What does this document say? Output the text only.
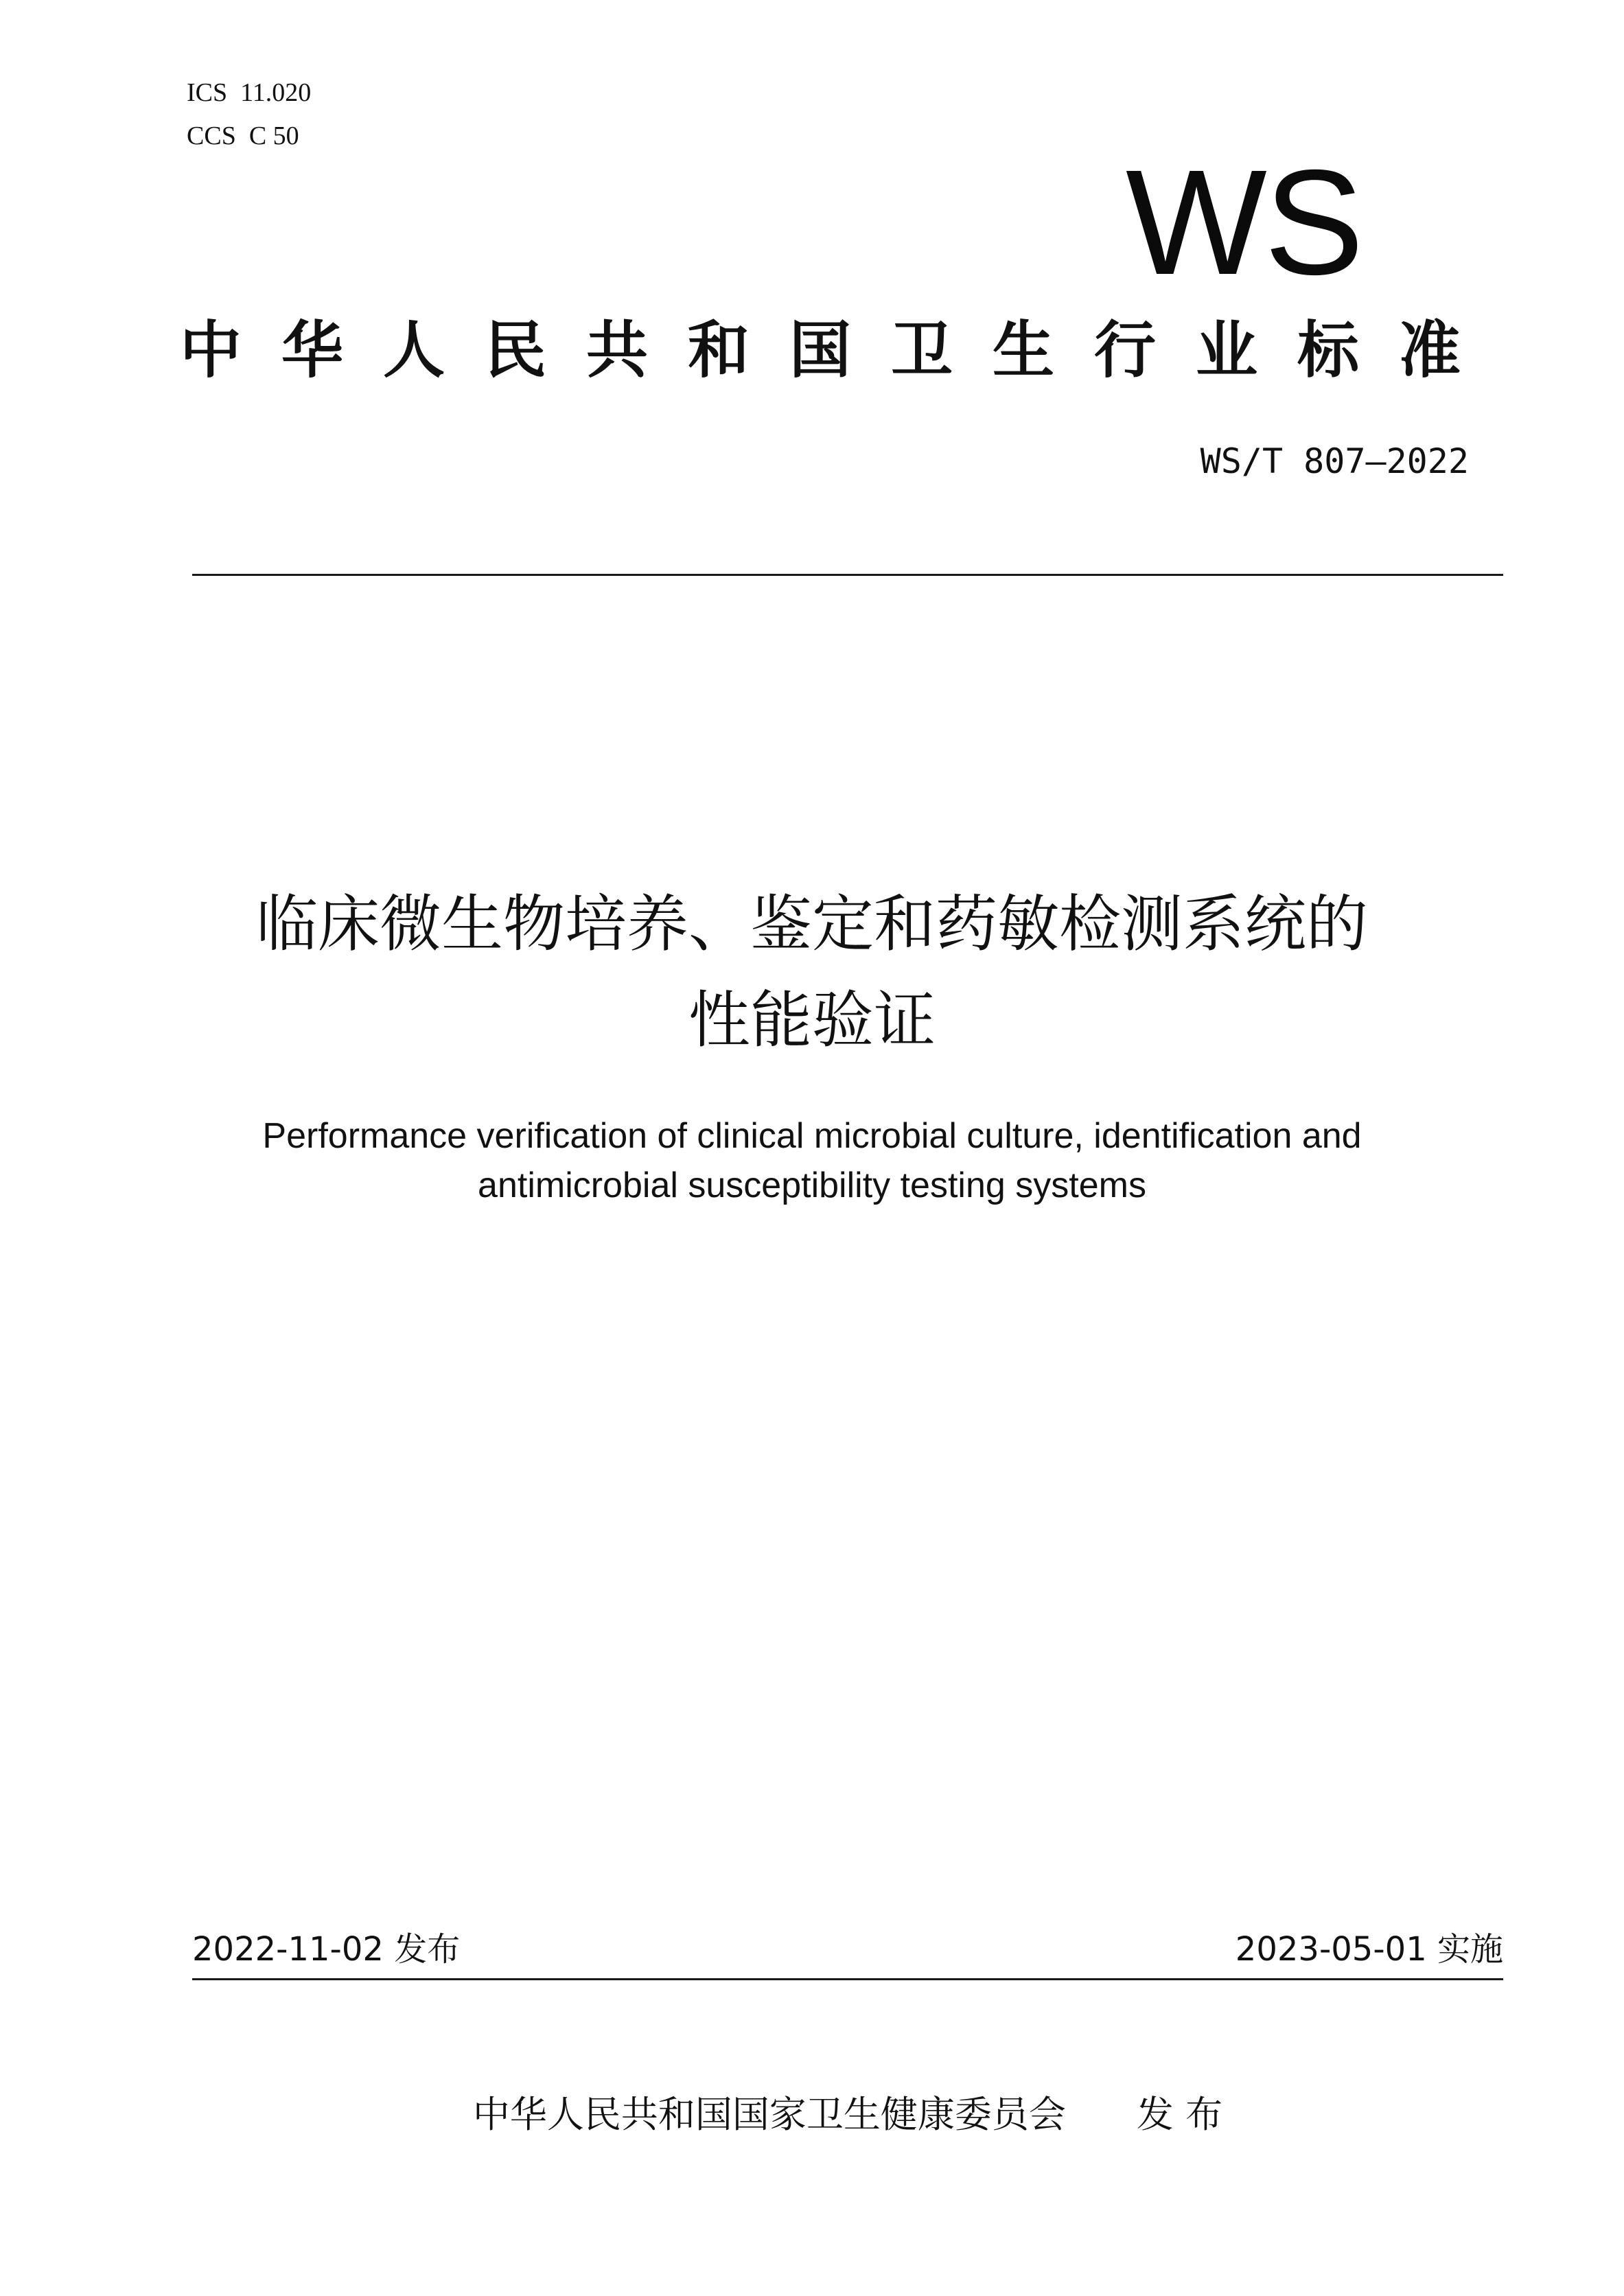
ICS  11.020
CCS  C 50
WS
中华人民共和国卫生行业标准
WS/T 807—2022
临床微生物培养、鉴定和药敏检测系统的
性能验证
Performance verification of clinical microbial culture, identification and
antimicrobial susceptibility testing systems
2022-11-02 发布	2023-05-01 实施
中华人民共和国国家卫生健康委员会      发 布
